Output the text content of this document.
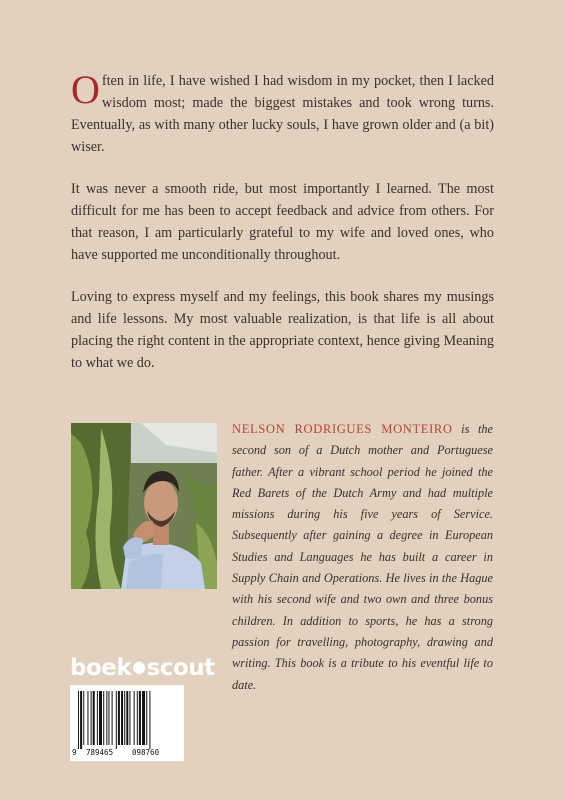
Often in life, I have wished I had wisdom in my pocket, then I lacked wisdom most; made the biggest mistakes and took wrong turns. Eventually, as with many other lucky souls, I have grown older and (a bit) wiser.

It was never a smooth ride, but most importantly I learned. The most difficult for me has been to accept feedback and advice from others. For that reason, I am particularly grateful to my wife and loved ones, who have supported me unconditionally throughout.

Loving to express myself and my feelings, this book shares my musings and life lessons. My most valuable realization, is that life is all about placing the right content in the appropriate context, hence giving Meaning to what we do.

NELSON RODRIGUES MONTEIRO is the second son of a Dutch mother and Portuguese father. After a vibrant school period he joined the Red Barets of the Dutch Army and had multiple missions during his five years of Service. Subsequently after gaining a degree in European Studies and Languages he has built a career in Supply Chain and Operations. He lives in the Hague with his second wife and two own and three bonus children. In addition to sports, he has a strong passion for travelling, photography, drawing and writing. This book is a tribute to his eventful life to date.
boek●scout
9 789465	098760
